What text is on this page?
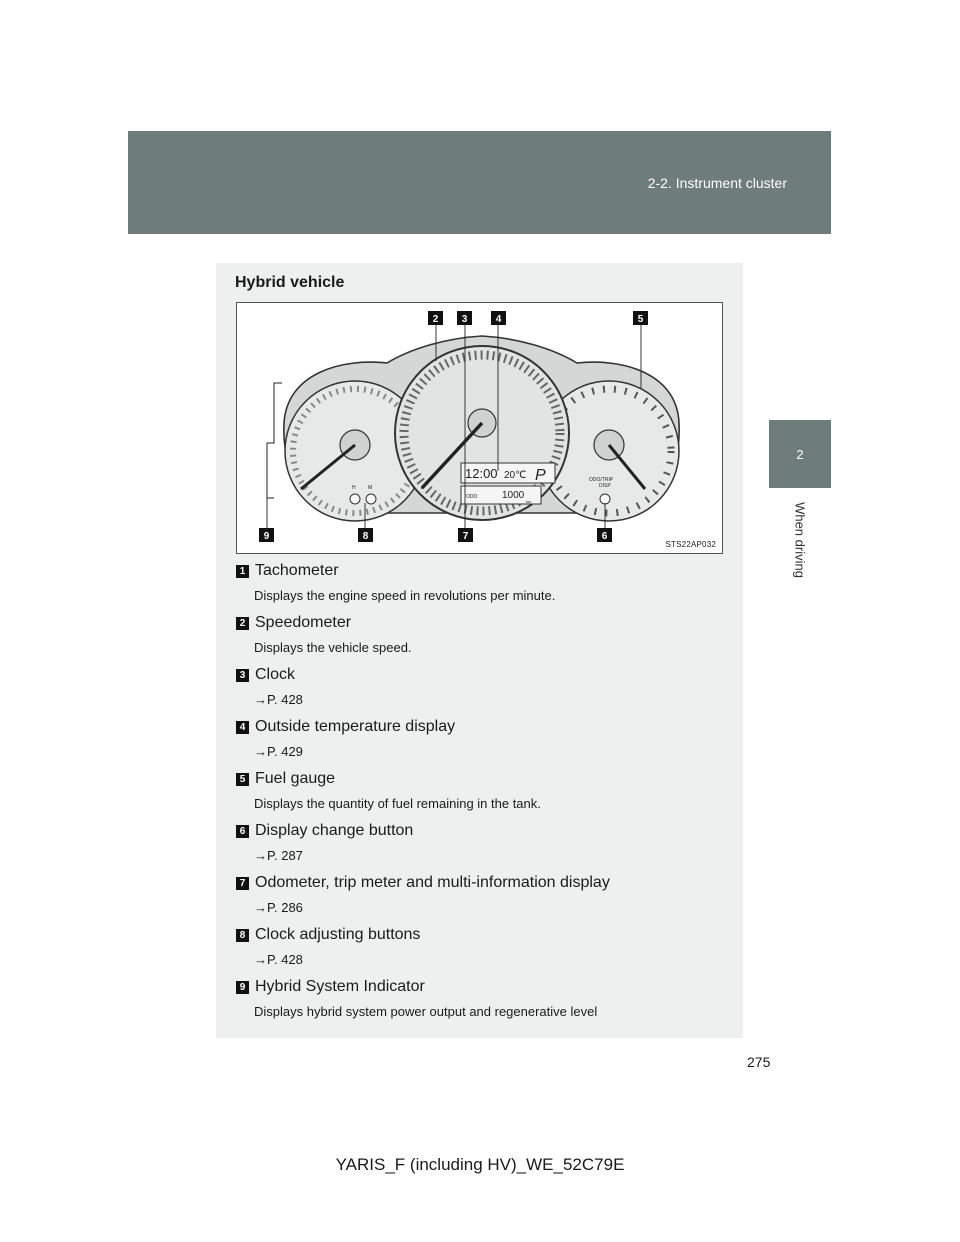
2-2. Instrument cluster
2
When driving
Hybrid vehicle
H M
ODO/TRIP
DISP
12:00 20℃ P
ODO 1000
km
2 3	4	5
9	8	7	6
STS22AP032
1 Tachometer
Displays the engine speed in revolutions per minute.
2 Speedometer
Displays the vehicle speed.
3 Clock
→P. 428
4 Outside temperature display
→P. 429
5 Fuel gauge
Displays the quantity of fuel remaining in the tank.
6 Display change button
→P. 287
7 Odometer, trip meter and multi-information display
→P. 286
8 Clock adjusting buttons
→P. 428
9 Hybrid System Indicator
Displays hybrid system power output and regenerative level
275
YARIS_F (including HV)_WE_52C79E
